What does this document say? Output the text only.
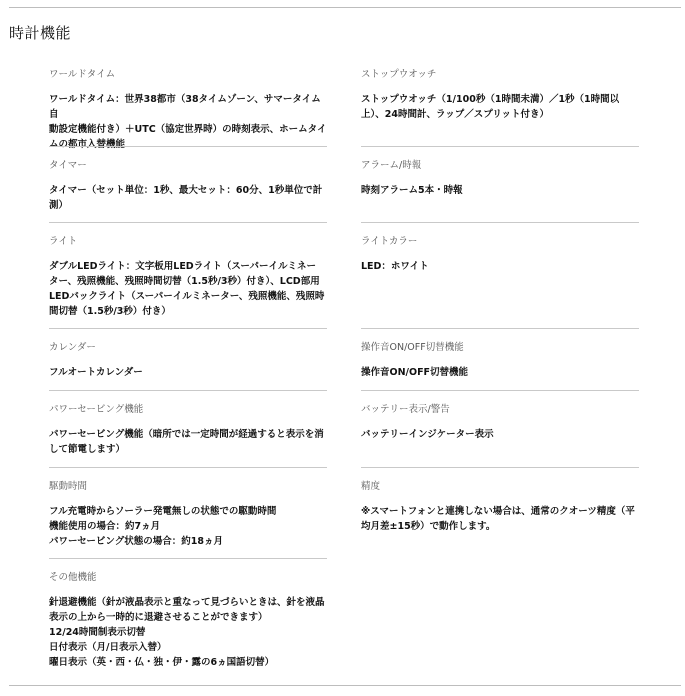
時計機能
ワールドタイム
ワールドタイム：世界38都市（38タイムゾーン、サマータイム自
動設定機能付き）＋UTC（協定世界時）の時刻表示、ホームタイ
ムの都市入替機能
タイマー
タイマー（セット単位：1秒、最大セット：60分、1秒単位で計
測）
ライト
ダブルLEDライト：文字板用LEDライト（スーパーイルミネー
ター、残照機能、残照時間切替（1.5秒/3秒）付き）、LCD部用
LEDバックライト（スーパーイルミネーター、残照機能、残照時
間切替（1.5秒/3秒）付き）
カレンダー
フルオートカレンダー
パワーセービング機能
パワーセービング機能（暗所では一定時間が経過すると表示を消
して節電します）
駆動時間
フル充電時からソーラー発電無しの状態での駆動時間
機能使用の場合：約7ヵ月
パワーセービング状態の場合：約18ヵ月
その他機能
針退避機能（針が液晶表示と重なって見づらいときは、針を液晶
表示の上から一時的に退避させることができます）
12/24時間制表示切替
日付表示（月/日表示入替）
曜日表示（英・西・仏・独・伊・露の6ヵ国語切替）
ストップウオッチ
ストップウオッチ（1/100秒（1時間未満）／1秒（1時間以
上）、24時間計、ラップ／スプリット付き）
アラーム/時報
時刻アラーム5本・時報
ライトカラー
LED：ホワイト
操作音ON/OFF切替機能
操作音ON/OFF切替機能
バッテリー表示/警告
バッテリーインジケーター表示
精度
※スマートフォンと連携しない場合は、通常のクオーツ精度（平
均月差±15秒）で動作します。
